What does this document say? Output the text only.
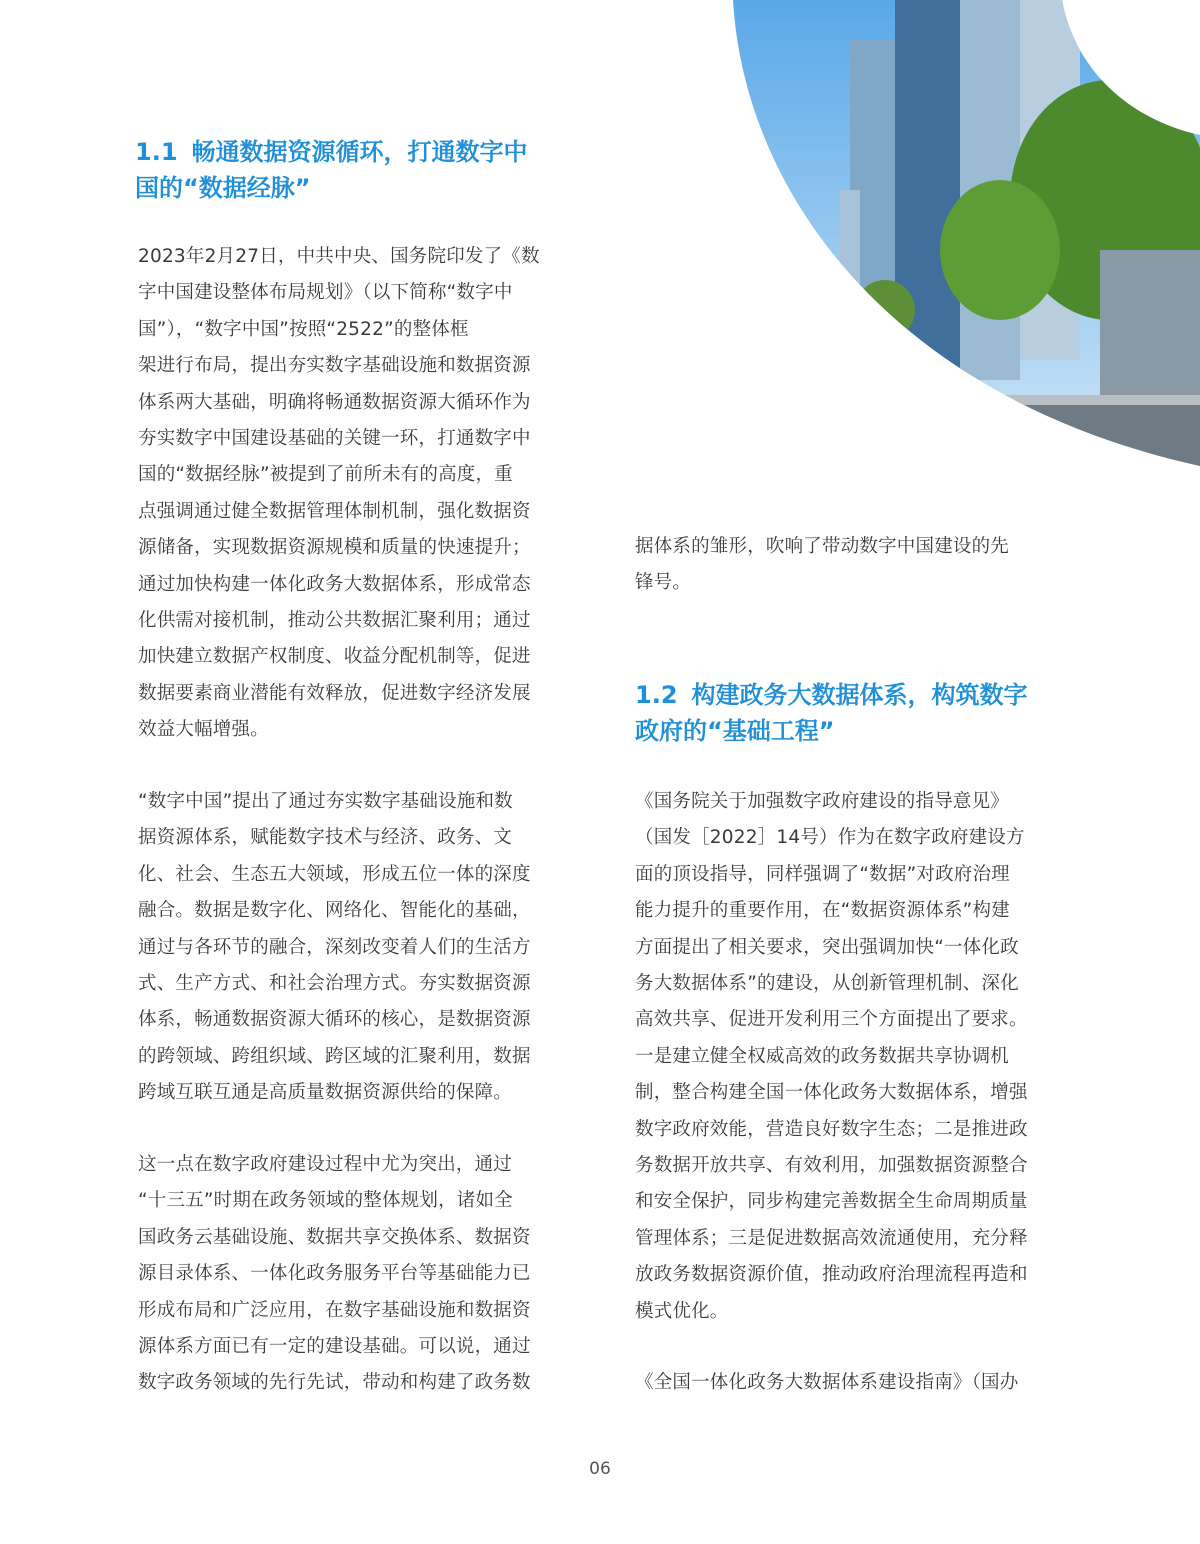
1.1 畅通数据资源循环，打通数字中
国的“数据经脉”
2023年2月27日，中共中央、国务院印发了《数
字中国建设整体布局规划》（以下简称“数字中
国”），“数字中国”按照“2522”的整体框
架进行布局，提出夯实数字基础设施和数据资源
体系两大基础，明确将畅通数据资源大循环作为
夯实数字中国建设基础的关键一环，打通数字中
国的“数据经脉”被提到了前所未有的高度，重
点强调通过健全数据管理体制机制，强化数据资
源储备，实现数据资源规模和质量的快速提升；
通过加快构建一体化政务大数据体系，形成常态
化供需对接机制，推动公共数据汇聚利用；通过
加快建立数据产权制度、收益分配机制等，促进
数据要素商业潜能有效释放，促进数字经济发展
效益大幅增强。
“数字中国”提出了通过夯实数字基础设施和数
据资源体系，赋能数字技术与经济、政务、文
化、社会、生态五大领域，形成五位一体的深度
融合。数据是数字化、网络化、智能化的基础，
通过与各环节的融合，深刻改变着人们的生活方
式、生产方式、和社会治理方式。夯实数据资源
体系，畅通数据资源大循环的核心，是数据资源
的跨领域、跨组织域、跨区域的汇聚利用，数据
跨域互联互通是高质量数据资源供给的保障。
这一点在数字政府建设过程中尤为突出，通过
“十三五”时期在政务领域的整体规划，诸如全
国政务云基础设施、数据共享交换体系、数据资
源目录体系、一体化政务服务平台等基础能力已
形成布局和广泛应用，在数字基础设施和数据资
源体系方面已有一定的建设基础。可以说，通过
数字政务领域的先行先试，带动和构建了政务数
据体系的雏形，吹响了带动数字中国建设的先
锋号。
1.2 构建政务大数据体系，构筑数字
政府的“基础工程”
《国务院关于加强数字政府建设的指导意见》
（国发［2022］14号）作为在数字政府建设方
面的顶设指导，同样强调了“数据”对政府治理
能力提升的重要作用，在“数据资源体系”构建
方面提出了相关要求，突出强调加快“一体化政
务大数据体系”的建设，从创新管理机制、深化
高效共享、促进开发利用三个方面提出了要求。
一是建立健全权威高效的政务数据共享协调机
制，整合构建全国一体化政务大数据体系，增强
数字政府效能，营造良好数字生态；二是推进政
务数据开放共享、有效利用，加强数据资源整合
和安全保护，同步构建完善数据全生命周期质量
管理体系；三是促进数据高效流通使用，充分释
放政务数据资源价值，推动政府治理流程再造和
模式优化。
《全国一体化政务大数据体系建设指南》（国办
06
